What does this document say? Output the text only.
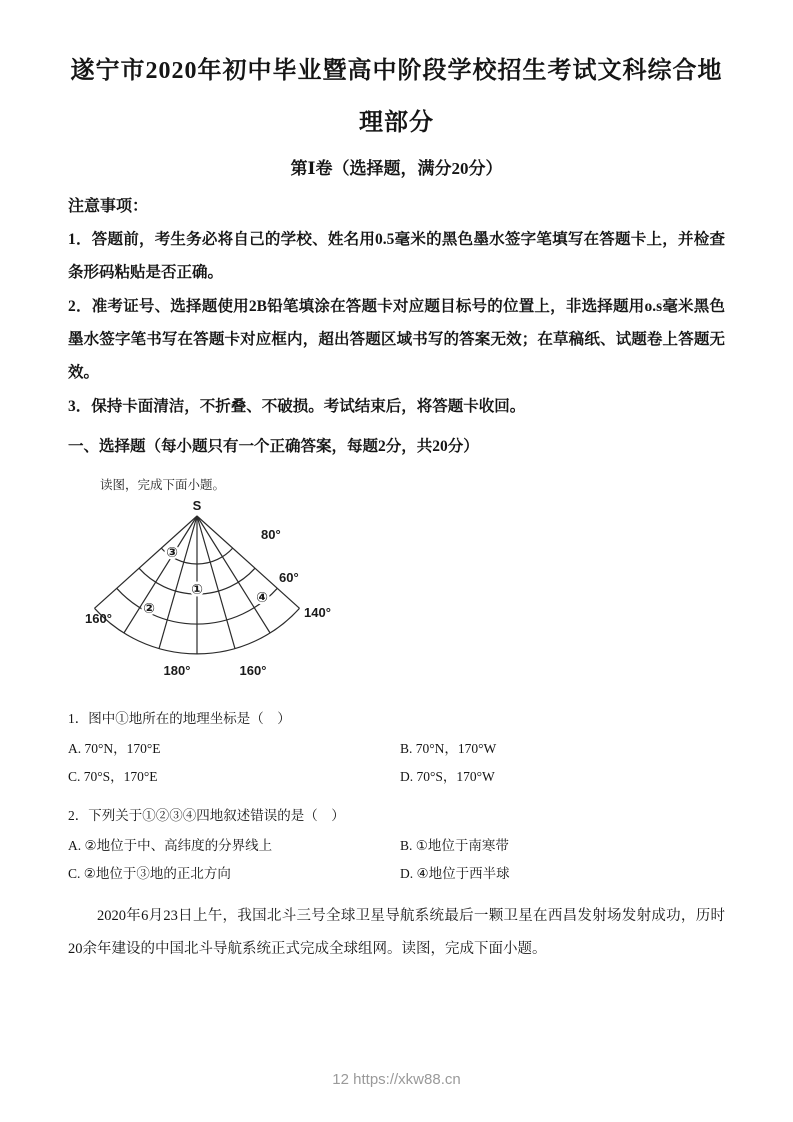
遂宁市2020年初中毕业暨高中阶段学校招生考试文科综合地理部分
第Ⅰ卷（选择题，满分20分）
注意事项：

1．答题前，考生务必将自己的学校、姓名用0.5毫米的黑色墨水签字笔填写在答题卡上，并检查条形码粘贴是否正确。

2．准考证号、选择题使用2B铅笔填涂在答题卡对应题目标号的位置上，非选择题用o.s毫米黑色墨水签字笔书写在答题卡对应框内，超出答题区域书写的答案无效；在草稿纸、试题卷上答题无效。

3．保持卡面清洁，不折叠、不破损。考试结束后，将答题卡收回。

一、选择题（每小题只有一个正确答案，每题2分，共20分）
读图，完成下面小题。
S
80°
60°
160°
180°	160°
140°
①
②
③
④
1．图中①地所在的地理坐标是（　）
A. 70°N，170°E	B. 70°N，170°W
C. 70°S，170°E	D. 70°S，170°W
2．下列关于①②③④四地叙述错误的是（　）
A. ②地位于中、高纬度的分界线上	B. ①地位于南寒带
C. ②地位于③地的正北方向	D. ④地位于西半球

2020年6月23日上午，我国北斗三号全球卫星导航系统最后一颗卫星在西昌发射场发射成功，历时20余年建设的中国北斗导航系统正式完成全球组网。读图，完成下面小题。

12 https://xkw88.cn
